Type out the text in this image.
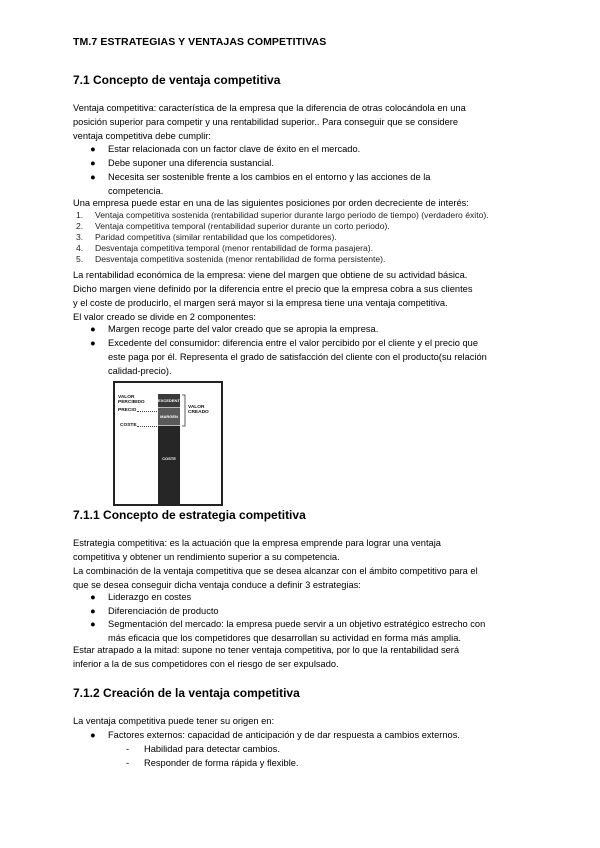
TM.7 ESTRATEGIAS Y VENTAJAS COMPETITIVAS
7.1 Concepto de ventaja competitiva
Ventaja competitiva: característica de la empresa que la diferencia de otras colocándola en una
posición superior para competir y una rentabilidad superior.. Para conseguir que se considere
ventaja competitiva debe cumplir:
● Estar relacionada con un factor clave de éxito en el mercado.
● Debe suponer una diferencia sustancial.
● Necesita ser sostenible frente a los cambios en el entorno y las acciones de la
competencia.
Una empresa puede estar en una de las siguientes posiciones por orden decreciente de interés:
1. Ventaja competitiva sostenida (rentabilidad superior durante largo periodo de tiempo) (verdadero éxito).
2. Ventaja competitiva temporal (rentabilidad superior durante un corto periodo).
3. Paridad competitiva (similar rentabilidad que los competidores).
4. Desventaja competitiva temporal (menor rentabilidad de forma pasajera).
5. Desventaja competitiva sostenida (menor rentabilidad de forma persistente).
La rentabilidad económica de la empresa: viene del margen que obtiene de su actividad básica.
Dicho margen viene definido por la diferencia entre el precio que la empresa cobra a sus clientes
y el coste de producirlo, el margen será mayor si la empresa tiene una ventaja competitiva.
El valor creado se divide en 2 componentes:
● Margen recoge parte del valor creado que se apropia la empresa.
● Excedente del consumidor: diferencia entre el valor percibido por el cliente y el precio que
este paga por él. Representa el grado de satisfacción del cliente con el producto(su relación
calidad-precio).
VALOR
PERCIBIDO
PRECIO
COSTE
EXCEDENTE
MARGEN
COSTE
VALOR
CREADO
7.1.1 Concepto de estrategia competitiva
Estrategia competitiva: es la actuación que la empresa emprende para lograr una ventaja
competitiva y obtener un rendimiento superior a su competencia.
La combinación de la ventaja competitiva que se desea alcanzar con el ámbito competitivo para el
que se desea conseguir dicha ventaja conduce a definir 3 estrategias:
● Liderazgo en costes
● Diferenciación de producto
● Segmentación del mercado: la empresa puede servir a un objetivo estratégico estrecho con
más eficacia que los competidores que desarrollan su actividad en forma más amplia.
Estar atrapado a la mitad: supone no tener ventaja competitiva, por lo que la rentabilidad será
inferior a la de sus competidores con el riesgo de ser expulsado.
7.1.2 Creación de la ventaja competitiva
La ventaja competitiva puede tener su origen en:
● Factores externos: capacidad de anticipación y de dar respuesta a cambios externos.
- Habilidad para detectar cambios.
- Responder de forma rápida y flexible.
